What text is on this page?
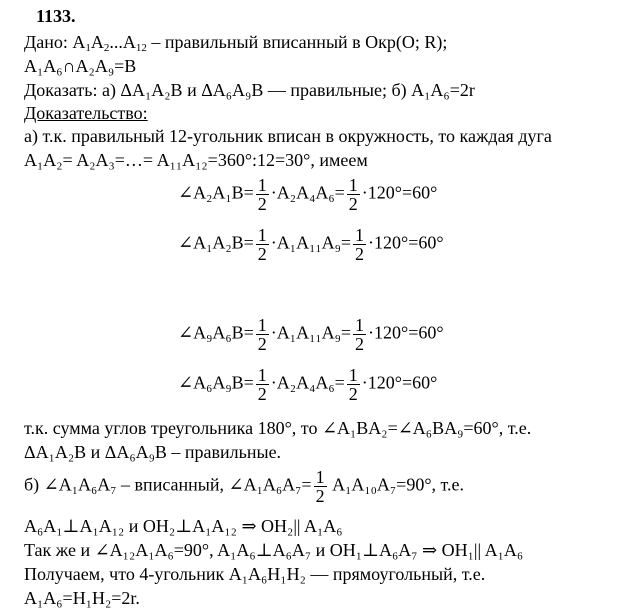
1133.
Дано: $A_1A_2...A_{12}$ – правильный вписанный в Окр(O; R);
A₁A₆∩A₂A₉=B
Доказать: а) ΔA₁A₂B и ΔA₆A₉B — правильные; б) A₁A₆=2r
Доказательство:
а) т.к. правильный 12-угольник вписан в окружность, то каждая дуга
A₁A₂= A₂A₃=…= A₁₁A₁₂=360°:12=30°, имеем
∠A₂A₁B= $\frac{1}{2} \cdot A_2A_4A_6= \frac{1}{2} \cdot 120^\circ=60^\circ$
∠A₁A₂B= $\frac{1}{2} \cdot A_1A_{11}A_9= \frac{1}{2} \cdot 120^\circ=60^\circ$
∠A₉A₆B= $\frac{1}{2} \cdot A_1A_{11}A_9= \frac{1}{2} \cdot 120^\circ=60^\circ$
∠A₆A₉B= $\frac{1}{2} \cdot A_2A_4A_6= \frac{1}{2} \cdot 120^\circ=60^\circ$
т.к. сумма углов треугольника 180°, то ∠A₁BA₂=∠A₆BA₉=60°, т.е.
ΔA₁A₂B и ΔA₆A₉B – правильные.
б) ∠A₁A₆A₇ – вписанный, ∠A₁A₆A₇= $\frac{1}{2} A_1A_{10}A_7=90^\circ$, т.е.
A₆A₁⊥A₁A₁₂ и OH₂⊥A₁A₁₂ ⇒ OH₂|| A₁A₆
Так же и ∠A₁₂A₁A₆=90°, A₁A₆⊥A₆A₇ и OH₁⊥A₆A₇ ⇒ OH₁|| A₁A₆
Получаем, что 4-угольник A₁A₆H₁H₂ — прямоугольный, т.е.
A₁A₆=H₁H₂=2r.
